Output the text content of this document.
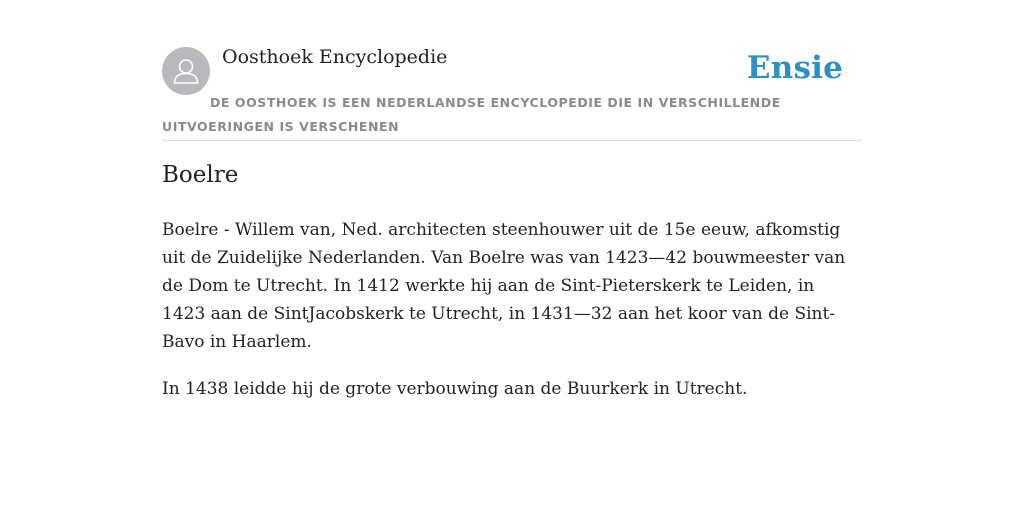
Oosthoek Encyclopedie	Ensie
DE OOSTHOEK IS EEN NEDERLANDSE ENCYCLOPEDIE DIE IN VERSCHILLENDE UITVOERINGEN IS VERSCHENEN
Boelre

Boelre - Willem van, Ned. architecten steenhouwer uit de 15e eeuw, afkomstig uit de Zuidelijke Nederlanden. Van Boelre was van 1423—42 bouwmeester van de Dom te Utrecht. In 1412 werkte hij aan de Sint-Pieterskerk te Leiden, in 1423 aan de SintJacobskerk te Utrecht, in 1431—32 aan het koor van de Sint-Bavo in Haarlem.

In 1438 leidde hij de grote verbouwing aan de Buurkerk in Utrecht.
